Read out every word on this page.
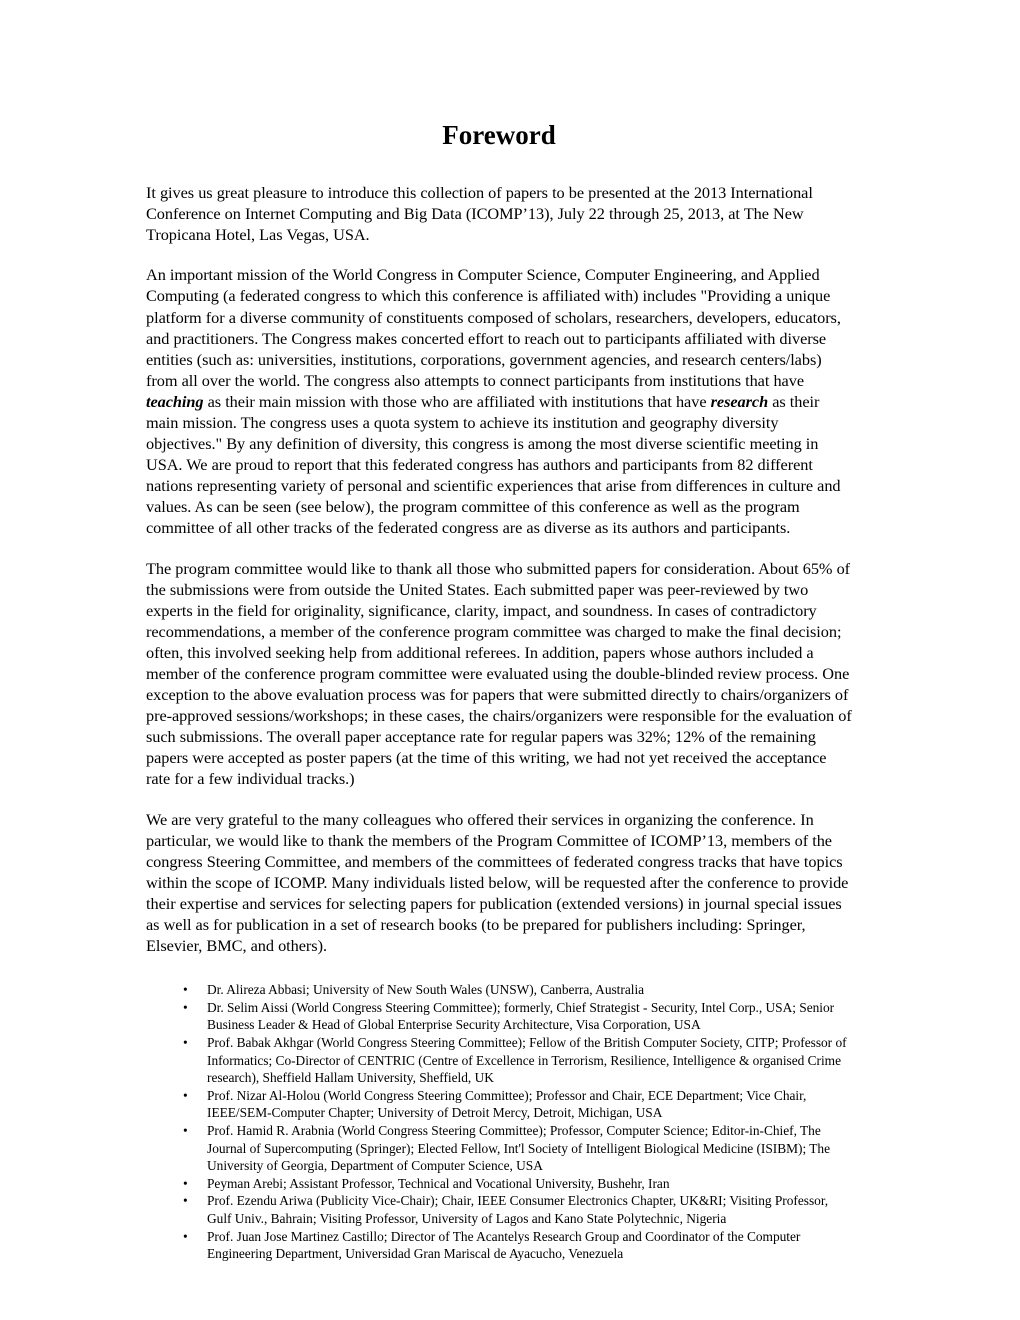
Foreword

It gives us great pleasure to introduce this collection of papers to be presented at the 2013 International Conference on Internet Computing and Big Data (ICOMP’13), July 22 through 25, 2013, at The New Tropicana Hotel, Las Vegas, USA.

An important mission of the World Congress in Computer Science, Computer Engineering, and Applied Computing (a federated congress to which this conference is affiliated with) includes "Providing a unique platform for a diverse community of constituents composed of scholars, researchers, developers, educators, and practitioners. The Congress makes concerted effort to reach out to participants affiliated with diverse entities (such as: universities, institutions, corporations, government agencies, and research centers/labs) from all over the world. The congress also attempts to connect participants from institutions that have teaching as their main mission with those who are affiliated with institutions that have research as their main mission. The congress uses a quota system to achieve its institution and geography diversity objectives." By any definition of diversity, this congress is among the most diverse scientific meeting in USA. We are proud to report that this federated congress has authors and participants from 82 different nations representing variety of personal and scientific experiences that arise from differences in culture and values. As can be seen (see below), the program committee of this conference as well as the program committee of all other tracks of the federated congress are as diverse as its authors and participants.

The program committee would like to thank all those who submitted papers for consideration. About 65% of the submissions were from outside the United States. Each submitted paper was peer-reviewed by two experts in the field for originality, significance, clarity, impact, and soundness. In cases of contradictory recommendations, a member of the conference program committee was charged to make the final decision; often, this involved seeking help from additional referees. In addition, papers whose authors included a member of the conference program committee were evaluated using the double-blinded review process. One exception to the above evaluation process was for papers that were submitted directly to chairs/organizers of pre-approved sessions/workshops; in these cases, the chairs/organizers were responsible for the evaluation of such submissions. The overall paper acceptance rate for regular papers was 32%; 12% of the remaining papers were accepted as poster papers (at the time of this writing, we had not yet received the acceptance rate for a few individual tracks.)

We are very grateful to the many colleagues who offered their services in organizing the conference. In particular, we would like to thank the members of the Program Committee of ICOMP’13, members of the congress Steering Committee, and members of the committees of federated congress tracks that have topics within the scope of ICOMP. Many individuals listed below, will be requested after the conference to provide their expertise and services for selecting papers for publication (extended versions) in journal special issues as well as for publication in a set of research books (to be prepared for publishers including: Springer, Elsevier, BMC, and others).

• Dr. Alireza Abbasi; University of New South Wales (UNSW), Canberra, Australia
• Dr. Selim Aissi (World Congress Steering Committee); formerly, Chief Strategist - Security, Intel Corp., USA; Senior Business Leader & Head of Global Enterprise Security Architecture, Visa Corporation, USA
• Prof. Babak Akhgar (World Congress Steering Committee); Fellow of the British Computer Society, CITP; Professor of Informatics; Co-Director of CENTRIC (Centre of Excellence in Terrorism, Resilience, Intelligence & organised Crime research), Sheffield Hallam University, Sheffield, UK
• Prof. Nizar Al-Holou (World Congress Steering Committee); Professor and Chair, ECE Department; Vice Chair, IEEE/SEM-Computer Chapter; University of Detroit Mercy, Detroit, Michigan, USA
• Prof. Hamid R. Arabnia (World Congress Steering Committee); Professor, Computer Science; Editor-in-Chief, The Journal of Supercomputing (Springer); Elected Fellow, Int'l Society of Intelligent Biological Medicine (ISIBM); The University of Georgia, Department of Computer Science, USA
• Peyman Arebi; Assistant Professor, Technical and Vocational University, Bushehr, Iran
• Prof. Ezendu Ariwa (Publicity Vice-Chair); Chair, IEEE Consumer Electronics Chapter, UK&RI; Visiting Professor, Gulf Univ., Bahrain; Visiting Professor, University of Lagos and Kano State Polytechnic, Nigeria
• Prof. Juan Jose Martinez Castillo; Director of The Acantelys Research Group and Coordinator of the Computer Engineering Department, Universidad Gran Mariscal de Ayacucho, Venezuela
